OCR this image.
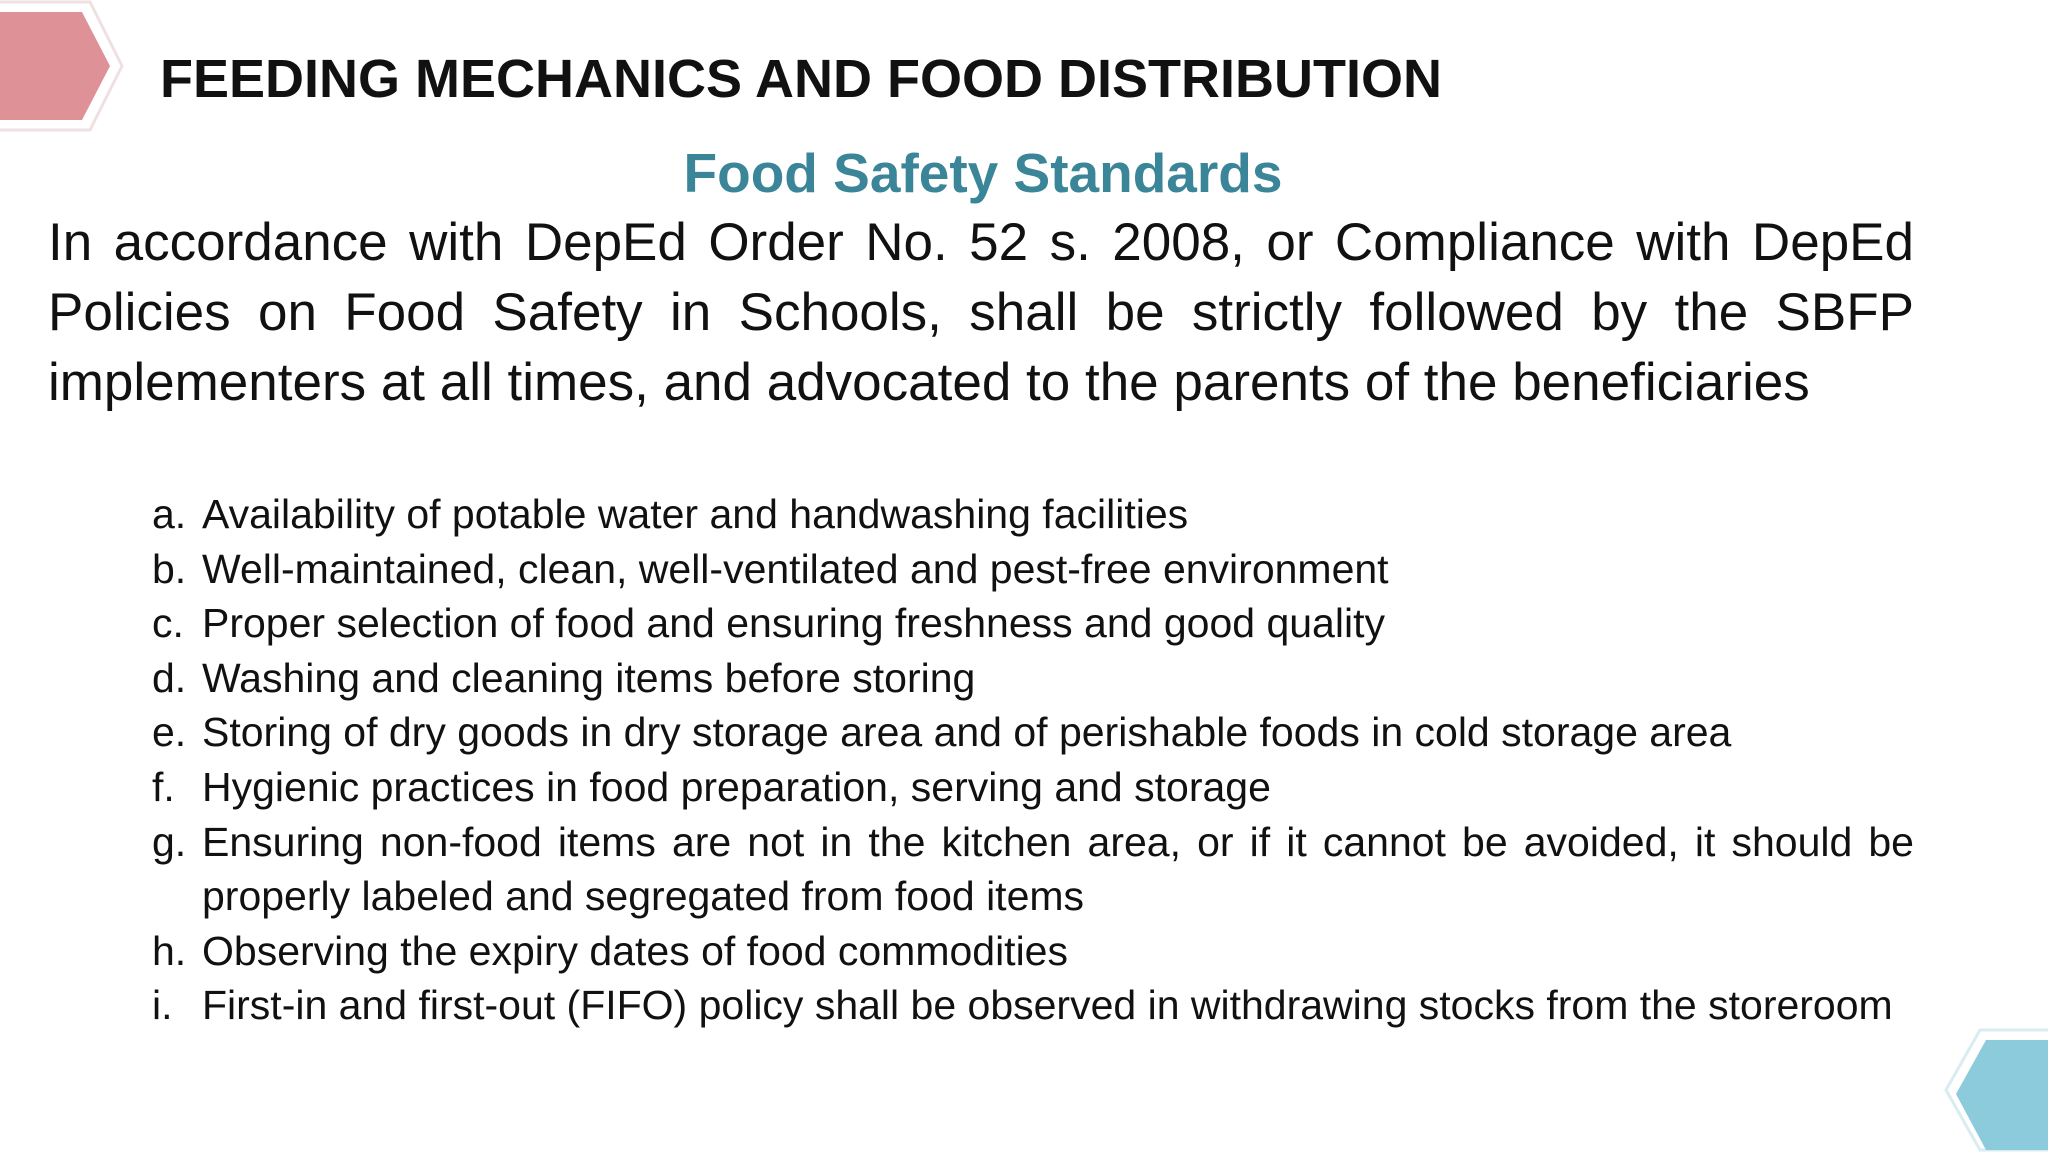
FEEDING MECHANICS AND FOOD DISTRIBUTION
Food Safety Standards

In accordance with DepEd Order No. 52 s. 2008, or Compliance with DepEd Policies on Food Safety in Schools, shall be strictly followed by the SBFP implementers at all times, and advocated to the parents of the beneficiaries

a. Availability of potable water and handwashing facilities
b. Well-maintained, clean, well-ventilated and pest-free environment
c. Proper selection of food and ensuring freshness and good quality
d. Washing and cleaning items before storing
e. Storing of dry goods in dry storage area and of perishable foods in cold storage area
f. Hygienic practices in food preparation, serving and storage
g. Ensuring non-food items are not in the kitchen area, or if it cannot be avoided, it should be properly labeled and segregated from food items
h. Observing the expiry dates of food commodities
i. First-in and first-out (FIFO) policy shall be observed in withdrawing stocks from the storeroom
